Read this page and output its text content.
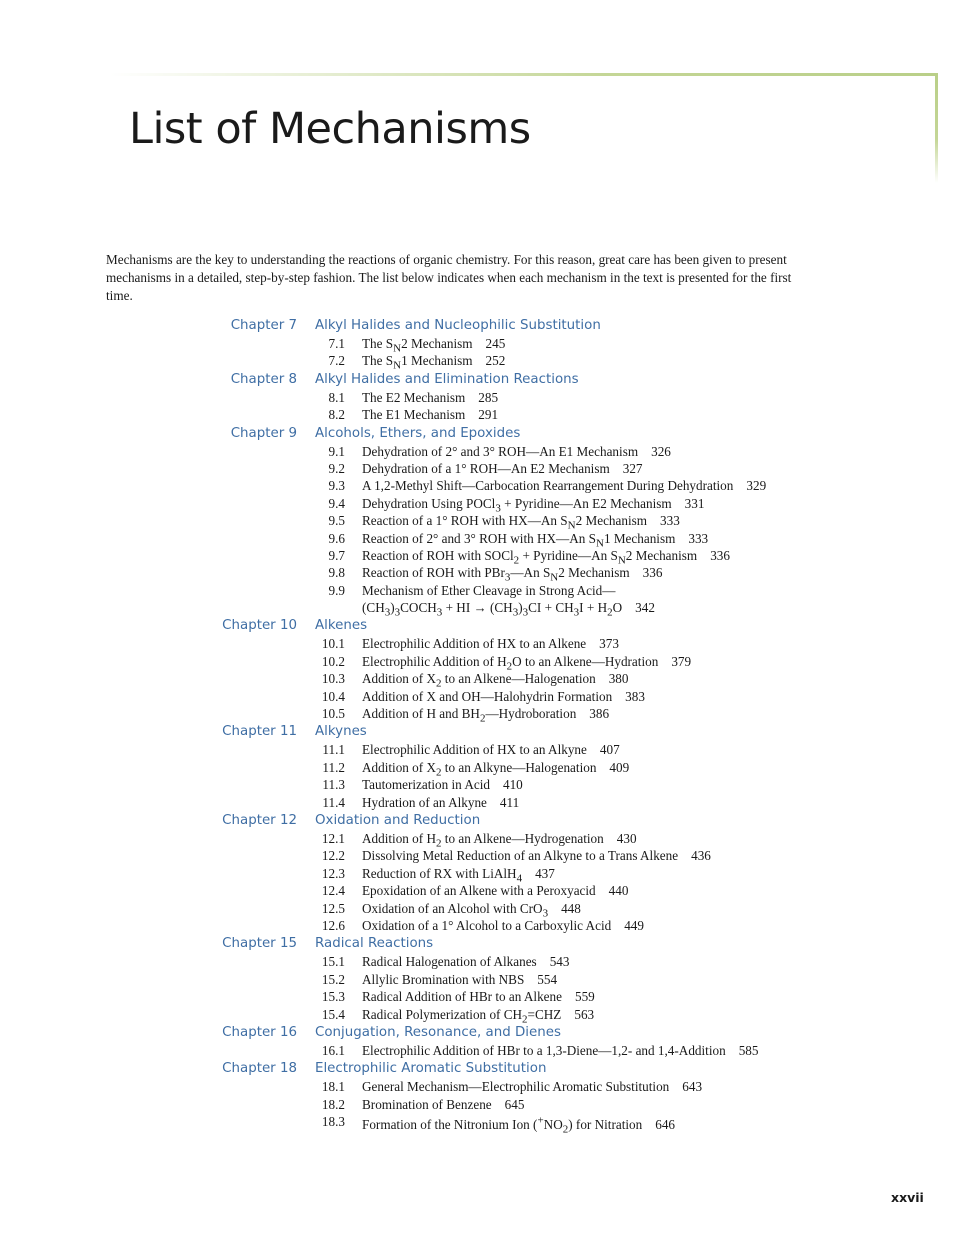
List of Mechanisms

Mechanisms are the key to understanding the reactions of organic chemistry. For this reason, great care has been given to present mechanisms in a detailed, step-by-step fashion. The list below indicates when each mechanism in the text is presented for the first time.

Chapter 7 Alkyl Halides and Nucleophilic Substitution
7.1 The $S_N2$ Mechanism 245
7.2 The $S_N1$ Mechanism 252
Chapter 8 Alkyl Halides and Elimination Reactions
8.1 The E2 Mechanism 285
8.2 The E1 Mechanism 291
Chapter 9 Alcohols, Ethers, and Epoxides
9.1 Dehydration of 2° and 3° ROH—An E1 Mechanism 326
9.2 Dehydration of a 1° ROH—An E2 Mechanism 327
9.3 A 1,2-Methyl Shift—Carbocation Rearrangement During Dehydration 329
9.4 Dehydration Using POCl$_3$ + Pyridine—An E2 Mechanism 331
9.5 Reaction of a 1° ROH with HX—An $S_N2$ Mechanism 333
9.6 Reaction of 2° and 3° ROH with HX—An $S_N1$ Mechanism 333
9.7 Reaction of ROH with SOCl$_2$ + Pyridine—An $S_N2$ Mechanism 336
9.8 Reaction of ROH with PBr$_3$—An $S_N2$ Mechanism 336
9.9 Mechanism of Ether Cleavage in Strong Acid—
$(CH_3)_3COCH_3$ + HI → $(CH_3)_3CI + CH_3I + H_2O$ 342
Chapter 10 Alkenes
10.1 Electrophilic Addition of HX to an Alkene 373
10.2 Electrophilic Addition of $H_2O$ to an Alkene—Hydration 379
10.3 Addition of $X_2$ to an Alkene—Halogenation 380
10.4 Addition of X and OH—Halohydrin Formation 383
10.5 Addition of H and $BH_2—Hydroboration$ 386
Chapter 11 Alkynes
11.1 Electrophilic Addition of HX to an Alkyne 407
11.2 Addition of $X_2$ to an Alkyne—Halogenation 409
11.3 Tautomerization in Acid 410
11.4 Hydration of an Alkyne 411
Chapter 12 Oxidation and Reduction
12.1 Addition of $H_2$ to an Alkene—Hydrogenation 430
12.2 Dissolving Metal Reduction of an Alkyne to a Trans Alkene 436
12.3 Reduction of RX with LiAlH$_4$ 437
12.4 Epoxidation of an Alkene with a Peroxyacid 440
12.5 Oxidation of an Alcohol with CrO$_3$ 448
12.6 Oxidation of a 1° Alcohol to a Carboxylic Acid 449
Chapter 15 Radical Reactions
15.1 Radical Halogenation of Alkanes 543
15.2 Allylic Bromination with NBS 554
15.3 Radical Addition of HBr to an Alkene 559
15.4 Radical Polymerization of $CH_2=CHZ$ 563
Chapter 16 Conjugation, Resonance, and Dienes
16.1 Electrophilic Addition of HBr to a 1,3-Diene—1,2- and 1,4-Addition 585
Chapter 18 Electrophilic Aromatic Substitution
18.1 General Mechanism—Electrophilic Aromatic Substitution 643
18.2 Bromination of Benzene 645
18.3 Formation of the Nitronium Ion $(^+NO_2)$ for Nitration 646
xxvii
